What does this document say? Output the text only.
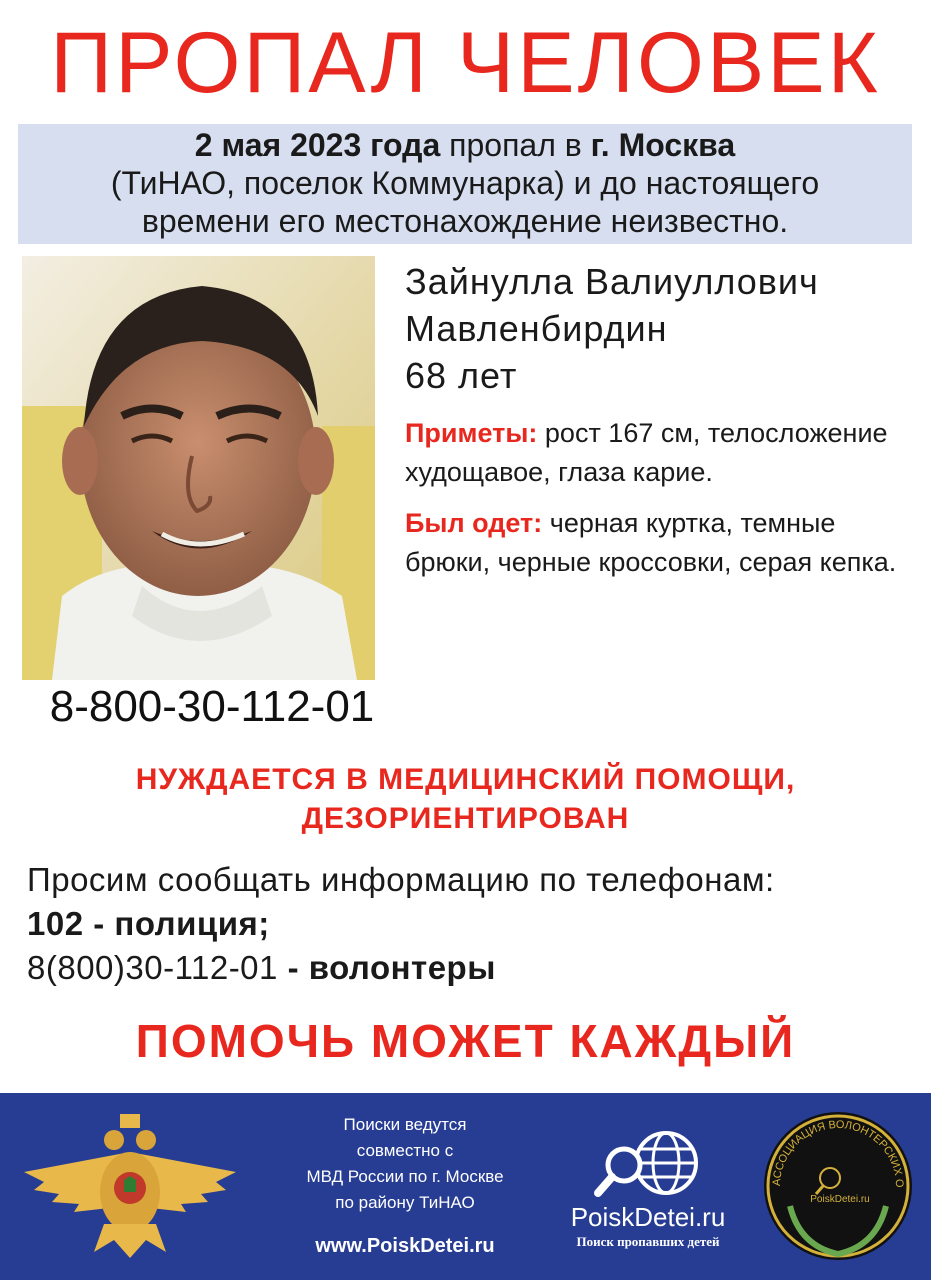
ПРОПАЛ ЧЕЛОВЕК
2 мая 2023 года пропал в г. Москва
(ТиНАО, поселок Коммунарка) и до настоящего
времени его местонахождение неизвестно.
Зайнулла Валиуллович
Мавленбирдин
68 лет

Приметы: рост 167 см, телосложение худощавое, глаза карие.

Был одет: черная куртка, темные брюки, черные кроссовки, серая кепка.

8-800-30-112-01
НУЖДАЕТСЯ В МЕДИЦИНСКИЙ ПОМОЩИ,
ДЕЗОРИЕНТИРОВАН
Просим сообщать информацию по телефонам:
102 - полиция;
8(800)30-112-01 - волонтеры
ПОМОЧЬ МОЖЕТ КАЖДЫЙ
Поиски ведутся
совместно с
МВД России по г. Москве
по району ТиНАО
www.PoiskDetei.ru
PoiskDetei.ru
Поиск пропавших детей
АССОЦИАЦИЯ ВОЛОНТЕРСКИХ О
PoiskDetei.ru
